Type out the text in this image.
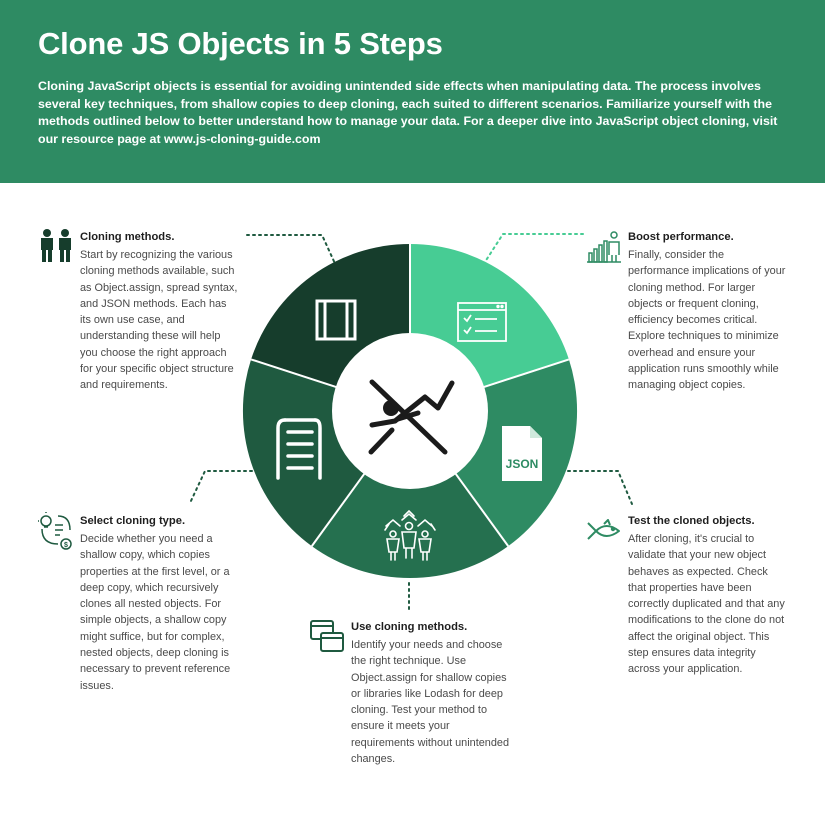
Clone JS Objects in 5 Steps

Cloning JavaScript objects is essential for avoiding unintended side effects when manipulating data. The process involves several key techniques, from shallow copies to deep cloning, each suited to different scenarios. Familiarize yourself with the methods outlined below to better understand how to manage your data. For a deeper dive into JavaScript object cloning, visit our resource page at www.js-cloning-guide.com

JSON
Cloning methods.

Start by recognizing the various cloning methods available, such as Object.assign, spread syntax, and JSON methods. Each has its own use case, and understanding these will help you choose the right approach for your specific object structure and requirements.

Boost performance.

Finally, consider the performance implications of your cloning method. For larger objects or frequent cloning, efficiency becomes critical. Explore techniques to minimize overhead and ensure your application runs smoothly while managing object copies.

Test the cloned objects.

After cloning, it's crucial to validate that your new object behaves as expected. Check that properties have been correctly duplicated and that any modifications to the clone do not affect the original object. This step ensures data integrity across your application.

Use cloning methods.

Identify your needs and choose the right technique. Use Object.assign for shallow copies or libraries like Lodash for deep cloning. Test your method to ensure it meets your requirements without unintended changes.

$
Select cloning type.

Decide whether you need a shallow copy, which copies properties at the first level, or a deep copy, which recursively clones all nested objects. For simple objects, a shallow copy might suffice, but for complex, nested objects, deep cloning is necessary to prevent reference issues.
